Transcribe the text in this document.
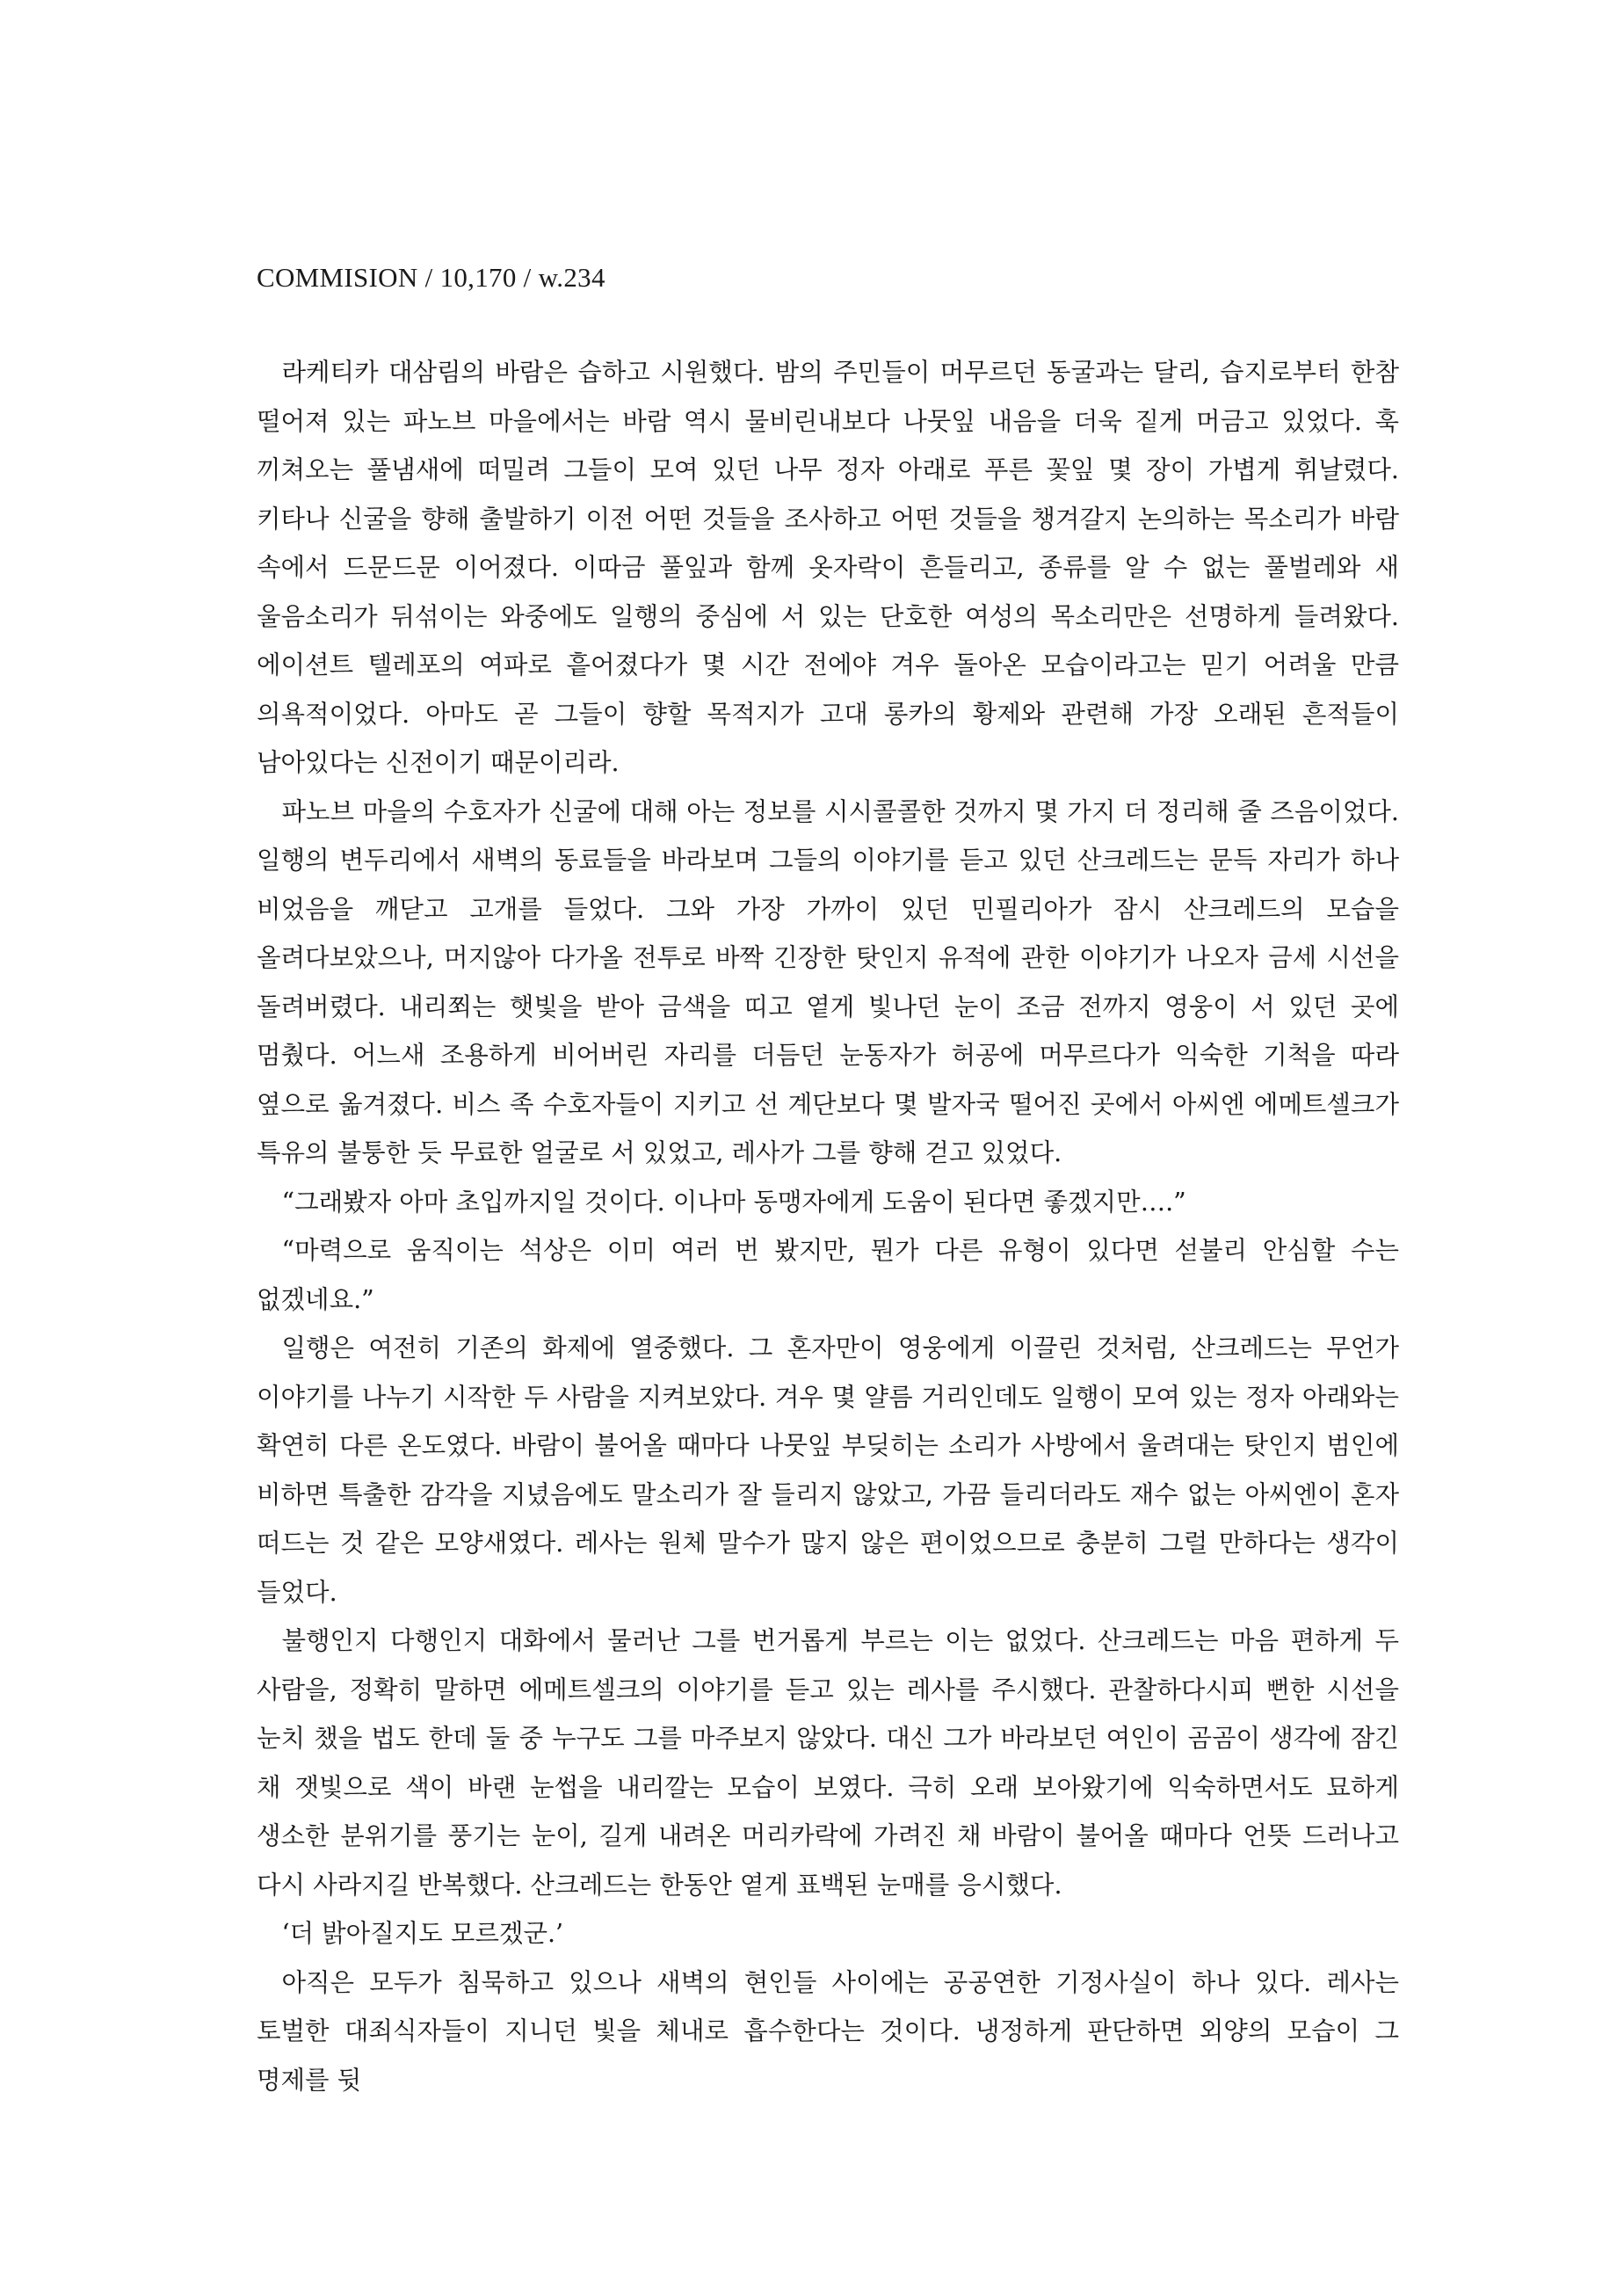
COMMISION / 10,170 / w.234

라케티카 대삼림의 바람은 습하고 시원했다. 밤의 주민들이 머무르던 동굴과는 달리, 습지로부터 한참 떨어져 있는 파노브 마을에서는 바람 역시 물비린내보다 나뭇잎 내음을 더욱 짙게 머금고 있었다. 훅 끼쳐오는 풀냄새에 떠밀려 그들이 모여 있던 나무 정자 아래로 푸른 꽃잎 몇 장이 가볍게 휘날렸다. 키타나 신굴을 향해 출발하기 이전 어떤 것들을 조사하고 어떤 것들을 챙겨갈지 논의하는 목소리가 바람 속에서 드문드문 이어졌다. 이따금 풀잎과 함께 옷자락이 흔들리고, 종류를 알 수 없는 풀벌레와 새 울음소리가 뒤섞이는 와중에도 일행의 중심에 서 있는 단호한 여성의 목소리만은 선명하게 들려왔다. 에이션트 텔레포의 여파로 흩어졌다가 몇 시간 전에야 겨우 돌아온 모습이라고는 믿기 어려울 만큼 의욕적이었다. 아마도 곧 그들이 향할 목적지가 고대 롱카의 황제와 관련해 가장 오래된 흔적들이 남아있다는 신전이기 때문이리라.

파노브 마을의 수호자가 신굴에 대해 아는 정보를 시시콜콜한 것까지 몇 가지 더 정리해 줄 즈음이었다. 일행의 변두리에서 새벽의 동료들을 바라보며 그들의 이야기를 듣고 있던 산크레드는 문득 자리가 하나 비었음을 깨닫고 고개를 들었다. 그와 가장 가까이 있던 민필리아가 잠시 산크레드의 모습을 올려다보았으나, 머지않아 다가올 전투로 바짝 긴장한 탓인지 유적에 관한 이야기가 나오자 금세 시선을 돌려버렸다. 내리쬐는 햇빛을 받아 금색을 띠고 옅게 빛나던 눈이 조금 전까지 영웅이 서 있던 곳에 멈췄다. 어느새 조용하게 비어버린 자리를 더듬던 눈동자가 허공에 머무르다가 익숙한 기척을 따라 옆으로 옮겨졌다. 비스 족 수호자들이 지키고 선 계단보다 몇 발자국 떨어진 곳에서 아씨엔 에메트셀크가 특유의 불퉁한 듯 무료한 얼굴로 서 있었고, 레사가 그를 향해 걷고 있었다.

“그래봤자 아마 초입까지일 것이다. 이나마 동맹자에게 도움이 된다면 좋겠지만….”

“마력으로 움직이는 석상은 이미 여러 번 봤지만, 뭔가 다른 유형이 있다면 섣불리 안심할 수는 없겠네요.”

일행은 여전히 기존의 화제에 열중했다. 그 혼자만이 영웅에게 이끌린 것처럼, 산크레드는 무언가 이야기를 나누기 시작한 두 사람을 지켜보았다. 겨우 몇 얄름 거리인데도 일행이 모여 있는 정자 아래와는 확연히 다른 온도였다. 바람이 불어올 때마다 나뭇잎 부딪히는 소리가 사방에서 울려대는 탓인지 범인에 비하면 특출한 감각을 지녔음에도 말소리가 잘 들리지 않았고, 가끔 들리더라도 재수 없는 아씨엔이 혼자 떠드는 것 같은 모양새였다. 레사는 원체 말수가 많지 않은 편이었으므로 충분히 그럴 만하다는 생각이 들었다.

불행인지 다행인지 대화에서 물러난 그를 번거롭게 부르는 이는 없었다. 산크레드는 마음 편하게 두 사람을, 정확히 말하면 에메트셀크의 이야기를 듣고 있는 레사를 주시했다. 관찰하다시피 뻔한 시선을 눈치 챘을 법도 한데 둘 중 누구도 그를 마주보지 않았다. 대신 그가 바라보던 여인이 곰곰이 생각에 잠긴 채 잿빛으로 색이 바랜 눈썹을 내리깔는 모습이 보였다. 극히 오래 보아왔기에 익숙하면서도 묘하게 생소한 분위기를 풍기는 눈이, 길게 내려온 머리카락에 가려진 채 바람이 불어올 때마다 언뜻 드러나고 다시 사라지길 반복했다. 산크레드는 한동안 옅게 표백된 눈매를 응시했다.

‘더 밝아질지도 모르겠군.’

아직은 모두가 침묵하고 있으나 새벽의 현인들 사이에는 공공연한 기정사실이 하나 있다. 레사는 토벌한 대죄식자들이 지니던 빛을 체내로 흡수한다는 것이다. 냉정하게 판단하면 외양의 모습이 그 명제를 뒷
